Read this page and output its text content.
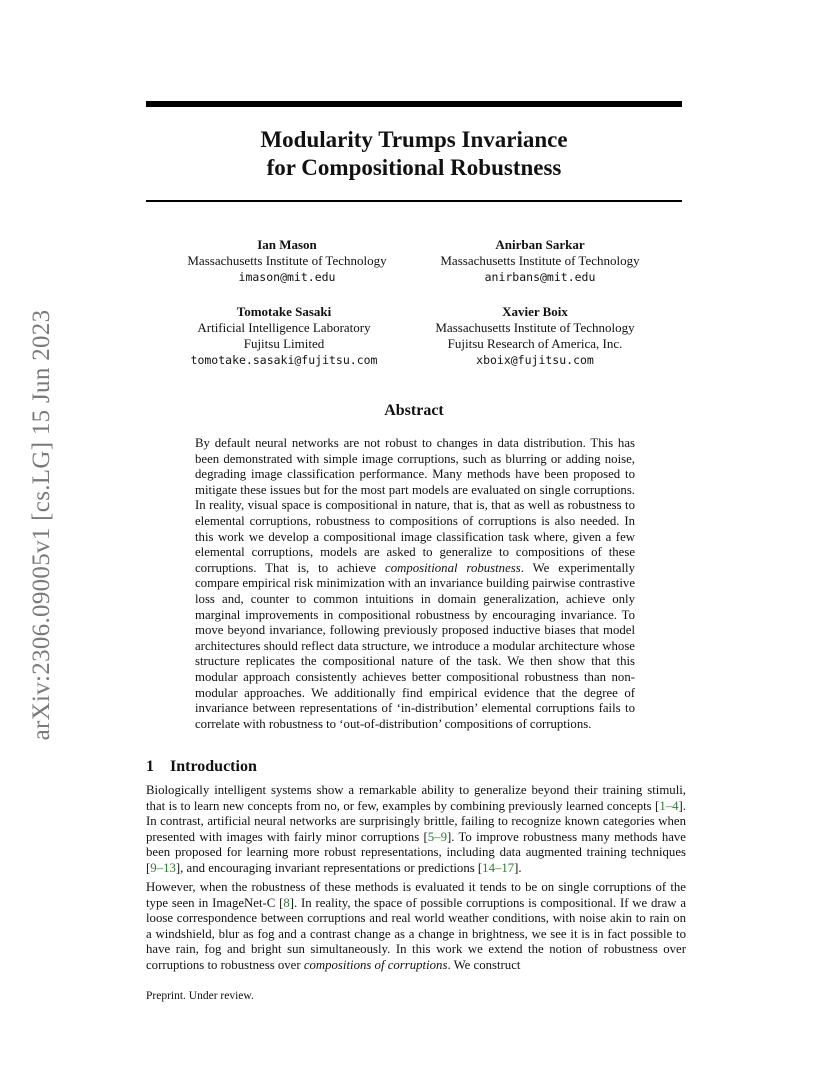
arXiv:2306.09005v1 [cs.LG] 15 Jun 2023
Modularity Trumps Invariance
for Compositional Robustness
Ian Mason
Massachusetts Institute of Technology
imason@mit.edu
Anirban Sarkar
Massachusetts Institute of Technology
anirbans@mit.edu
Tomotake Sasaki
Artificial Intelligence Laboratory
Fujitsu Limited
tomotake.sasaki@fujitsu.com
Xavier Boix
Massachusetts Institute of Technology
Fujitsu Research of America, Inc.
xboix@fujitsu.com
Abstract

By default neural networks are not robust to changes in data distribution. This has been demonstrated with simple image corruptions, such as blurring or adding noise, degrading image classification performance. Many methods have been proposed to mitigate these issues but for the most part models are evaluated on single corruptions. In reality, visual space is compositional in nature, that is, that as well as robustness to elemental corruptions, robustness to compositions of corruptions is also needed. In this work we develop a compositional image classification task where, given a few elemental corruptions, models are asked to generalize to compositions of these corruptions. That is, to achieve compositional robustness. We experimentally compare empirical risk minimization with an invariance building pairwise contrastive loss and, counter to common intuitions in domain generalization, achieve only marginal improvements in compositional robustness by encouraging invariance. To move beyond invariance, following previously proposed inductive biases that model architectures should reflect data structure, we introduce a modular architecture whose structure replicates the compositional nature of the task. We then show that this modular approach consistently achieves better compositional robustness than non-modular approaches. We additionally find empirical evidence that the degree of invariance between representations of ‘in-distribution’ elemental corruptions fails to correlate with robustness to ‘out-of-distribution’ compositions of corruptions.

1 Introduction

Biologically intelligent systems show a remarkable ability to generalize beyond their training stimuli, that is to learn new concepts from no, or few, examples by combining previously learned concepts [1–4]. In contrast, artificial neural networks are surprisingly brittle, failing to recognize known categories when presented with images with fairly minor corruptions [5–9]. To improve robustness many methods have been proposed for learning more robust representations, including data augmented training techniques [9–13], and encouraging invariant representations or predictions [14–17].

However, when the robustness of these methods is evaluated it tends to be on single corruptions of the type seen in ImageNet-C [8]. In reality, the space of possible corruptions is compositional. If we draw a loose correspondence between corruptions and real world weather conditions, with noise akin to rain on a windshield, blur as fog and a contrast change as a change in brightness, we see it is in fact possible to have rain, fog and bright sun simultaneously. In this work we extend the notion of robustness over corruptions to robustness over compositions of corruptions. We construct

Preprint. Under review.
